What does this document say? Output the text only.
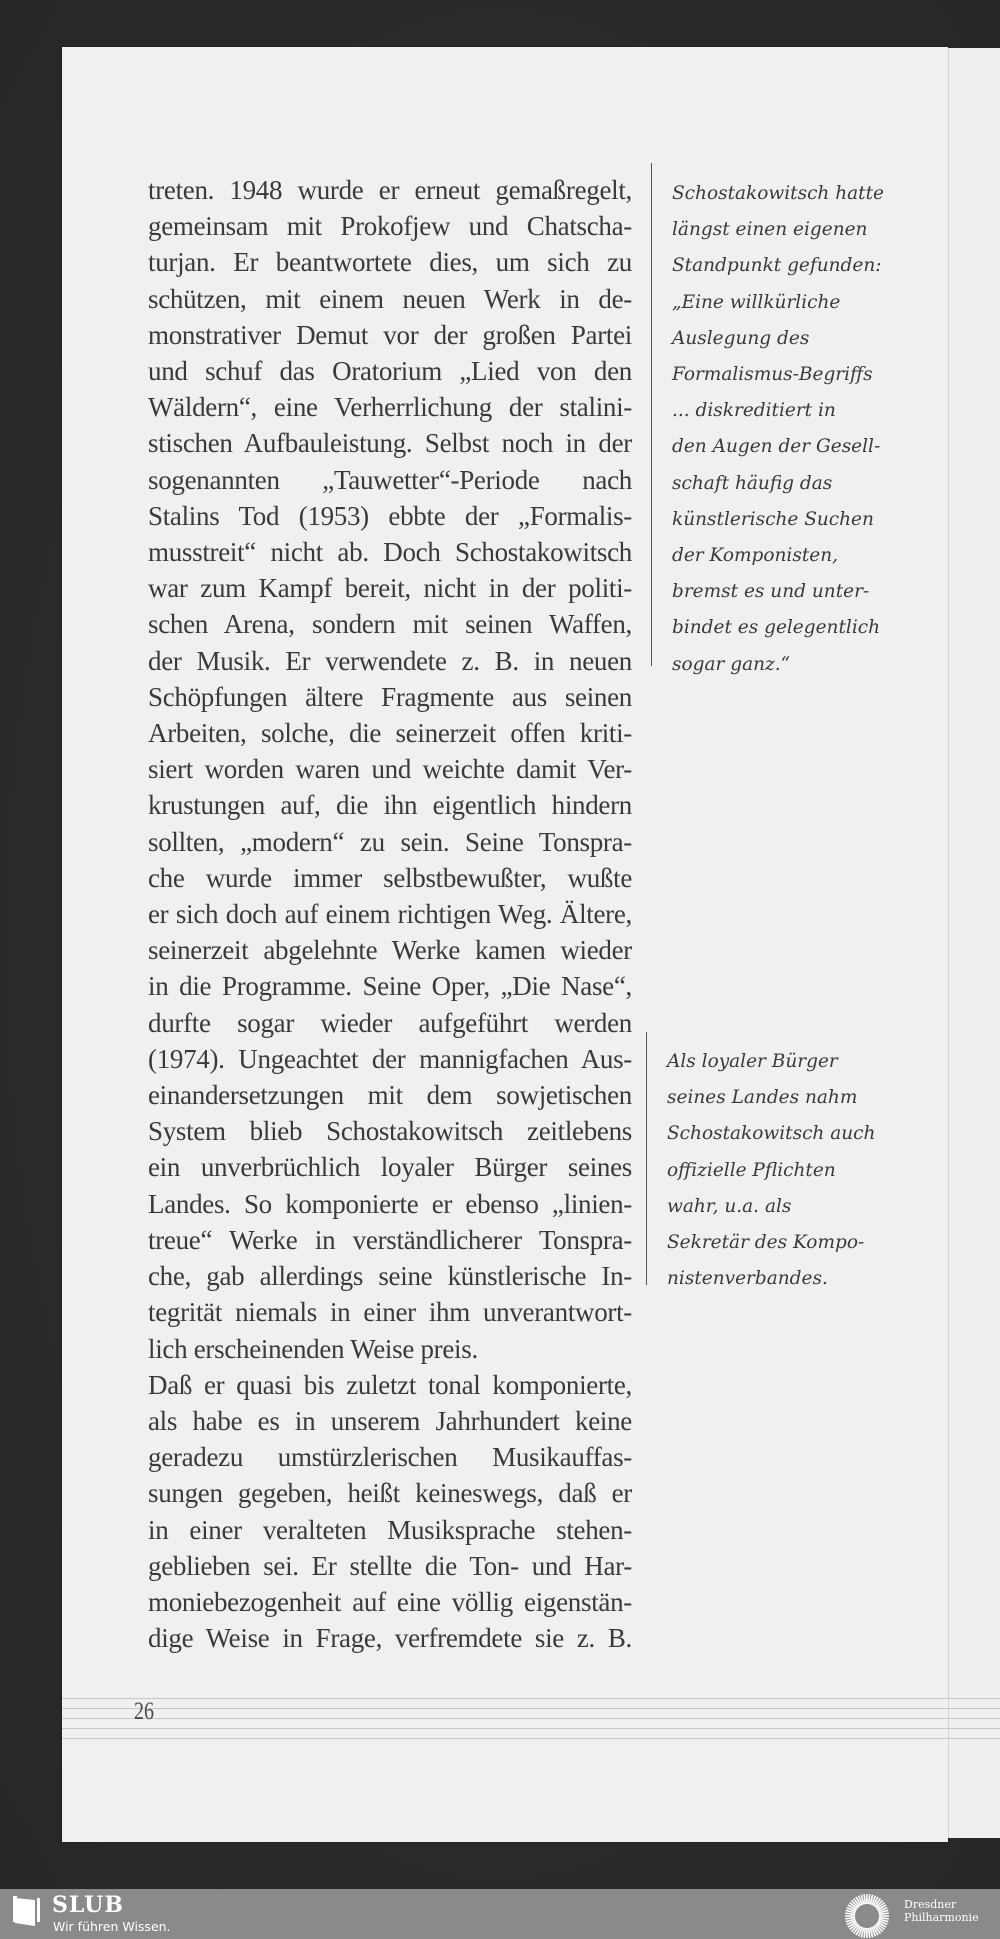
treten. 1948 wurde er erneut gemaßregelt,
gemeinsam mit Prokofjew und Chatscha-
turjan. Er beantwortete dies, um sich zu
schützen, mit einem neuen Werk in de-
monstrativer Demut vor der großen Partei
und schuf das Oratorium „Lied von den
Wäldern“, eine Verherrlichung der stalini-
stischen Aufbauleistung. Selbst noch in der
sogenannten „Tauwetter“-Periode nach
Stalins Tod (1953) ebbte der „Formalis-
musstreit“ nicht ab. Doch Schostakowitsch
war zum Kampf bereit, nicht in der politi-
schen Arena, sondern mit seinen Waffen,
der Musik. Er verwendete z. B. in neuen
Schöpfungen ältere Fragmente aus seinen
Arbeiten, solche, die seinerzeit offen kriti-
siert worden waren und weichte damit Ver-
krustungen auf, die ihn eigentlich hindern
sollten, „modern“ zu sein. Seine Tonspra-
che wurde immer selbstbewußter, wußte
er sich doch auf einem richtigen Weg. Ältere,
seinerzeit abgelehnte Werke kamen wieder
in die Programme. Seine Oper, „Die Nase“,
durfte sogar wieder aufgeführt werden
(1974). Ungeachtet der mannigfachen Aus-
einandersetzungen mit dem sowjetischen
System blieb Schostakowitsch zeitlebens
ein unverbrüchlich loyaler Bürger seines
Landes. So komponierte er ebenso „linien-
treue“ Werke in verständlicherer Tonspra-
che, gab allerdings seine künstlerische In-
tegrität niemals in einer ihm unverantwort-
lich erscheinenden Weise preis.
Daß er quasi bis zuletzt tonal komponierte,
als habe es in unserem Jahrhundert keine
geradezu umstürzlerischen Musikauffas-
sungen gegeben, heißt keineswegs, daß er
in einer veralteten Musiksprache stehen-
geblieben sei. Er stellte die Ton- und Har-
moniebezogenheit auf eine völlig eigenstän-
dige Weise in Frage, verfremdete sie z. B.
Schostakowitsch hatte
längst einen eigenen
Standpunkt gefunden:
„Eine willkürliche
Auslegung des
Formalismus-Begriffs
... diskreditiert in
den Augen der Gesell-
schaft häufig das
künstlerische Suchen
der Komponisten,
bremst es und unter-
bindet es gelegentlich
sogar ganz.“
Als loyaler Bürger
seines Landes nahm
Schostakowitsch auch
offizielle Pflichten
wahr, u.a. als
Sekretär des Kompo-
nistenverbandes.
26
SLUB
Wir führen Wissen.
Dresdner
Philharmonie
